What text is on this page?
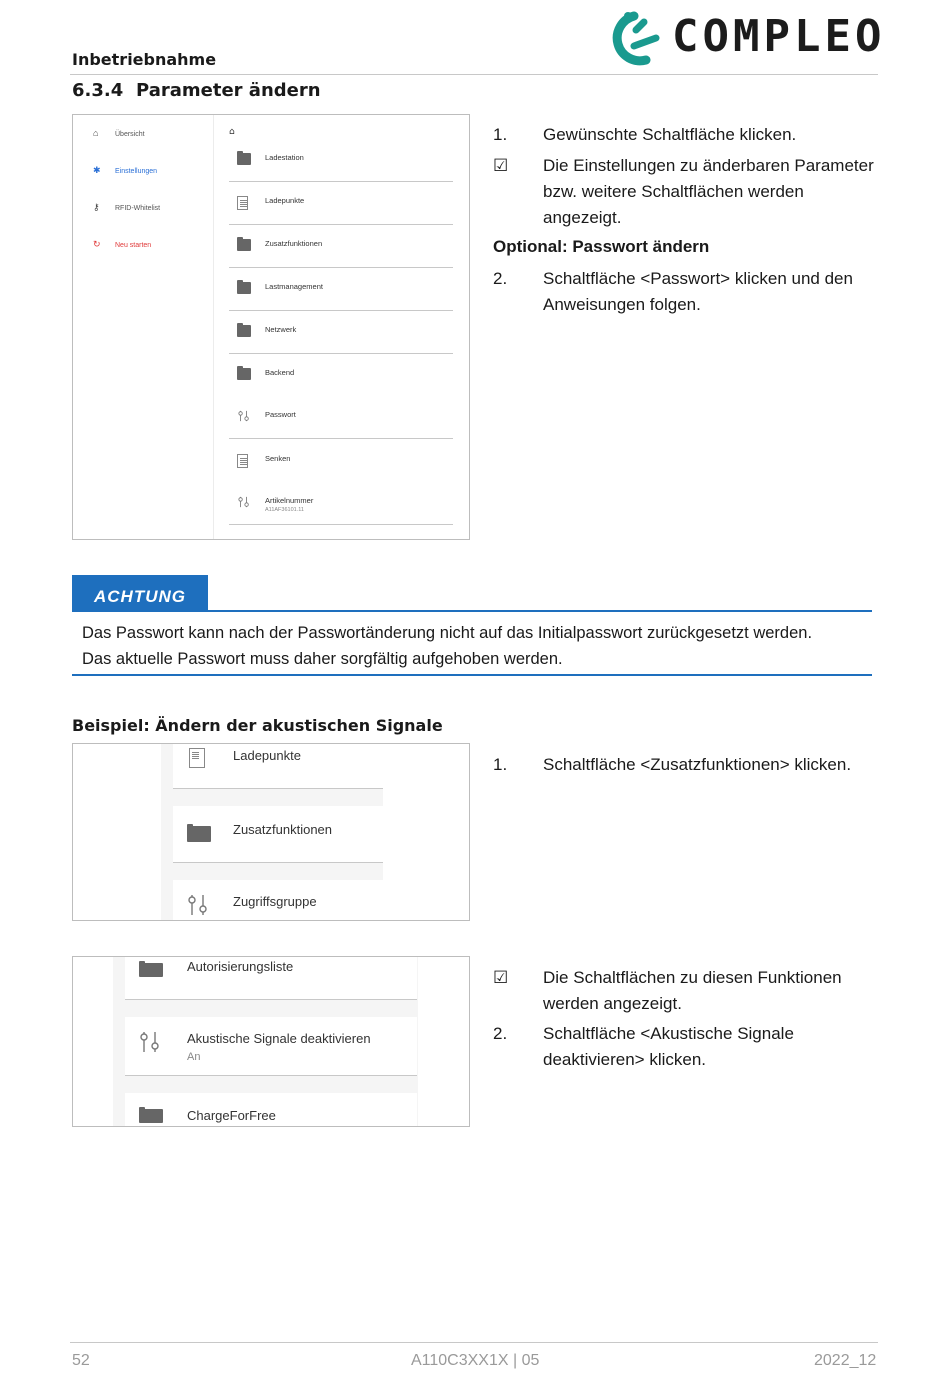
Inbetriebnahme	COMPLEO
6.3.4 Parameter ändern
⌂ Übersicht
✱ Einstellungen
⚷ RFID-Whitelist
↻ Neu starten
⌂
Ladestation
Ladepunkte
Zusatzfunktionen
Lastmanagement
Netzwerk
Backend
Passwort
Senken
Artikelnummer
A11AF36101.11
1. Gewünschte Schaltfläche klicken.
☑ Die Einstellungen zu änderbaren Parameter
bzw. weitere Schaltflächen werden
angezeigt.
Optional: Passwort ändern
2. Schaltfläche <Passwort> klicken und den
Anweisungen folgen.
ACHTUNG
Das Passwort kann nach der Passwortänderung nicht auf das Initialpasswort zurückgesetzt werden.
Das aktuelle Passwort muss daher sorgfältig aufgehoben werden.
Beispiel: Ändern der akustischen Signale
Ladepunkte
Zusatzfunktionen
Zugriffsgruppe
1. Schaltfläche <Zusatzfunktionen> klicken.
Autorisierungsliste
Akustische Signale deaktivieren
An
ChargeForFree
☑ Die Schaltflächen zu diesen Funktionen
werden angezeigt.
2. Schaltfläche <Akustische Signale
deaktivieren> klicken.
52	A110C3XX1X | 05	2022_12
